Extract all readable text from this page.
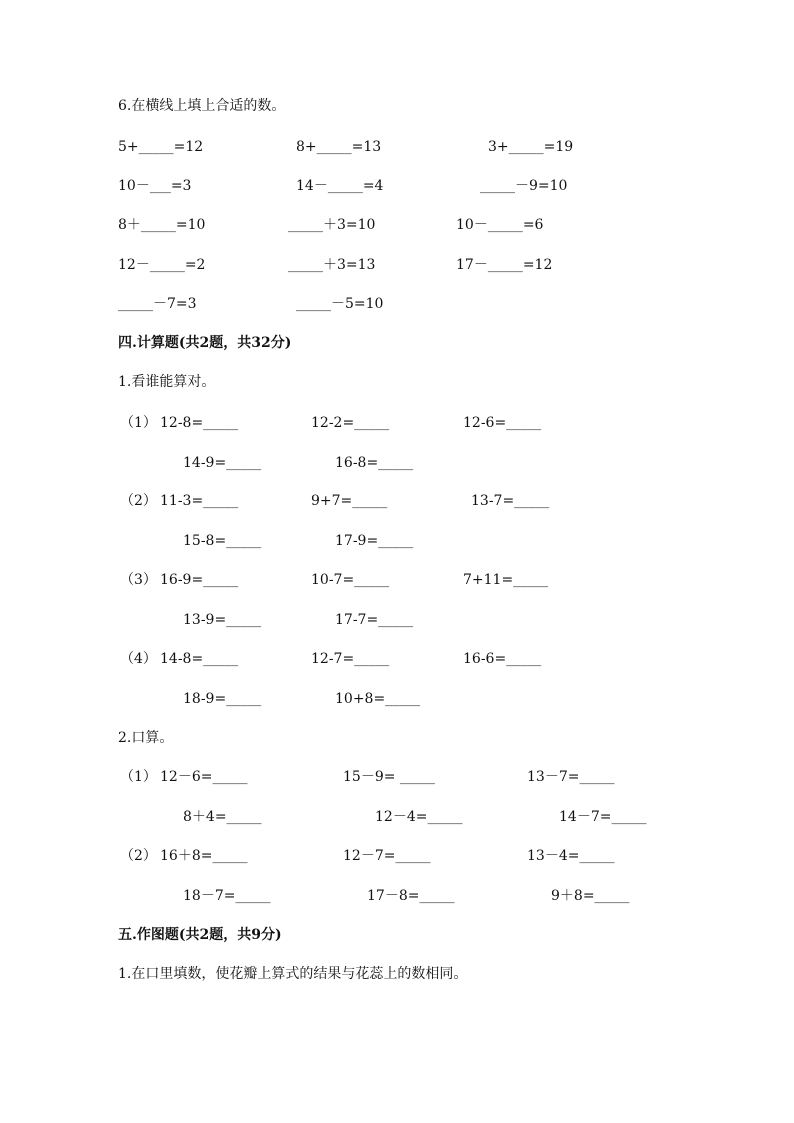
6.在横线上填上合适的数。
5+_____=12	8+_____=13	3+_____=19
10－___=3	14－_____=4	_____－9=10
8＋_____=10	_____＋3=10	10－_____=6
12－_____=2	_____＋3=13	17－_____=12
_____－7=3	_____－5=10
四.计算题(共2题，共32分)
1.看谁能算对。
（1） 12-8=_____	12-2=_____	12-6=_____
14-9=_____	16-8=_____
（2） 11-3=_____	9+7=_____	13-7=_____
15-8=_____	17-9=_____
（3） 16-9=_____	10-7=_____	7+11=_____
13-9=_____	17-7=_____
（4） 14-8=_____	12-7=_____	16-6=_____
18-9=_____	10+8=_____
2.口算。
（1） 12－6=_____	15－9= _____	13－7=_____
8＋4=_____	12－4=_____	14－7=_____
（2） 16＋8=_____	12－7=_____	13－4=_____
18－7=_____	17－8=_____	9＋8=_____
五.作图题(共2题，共9分)
1.在口里填数，使花瓣上算式的结果与花蕊上的数相同。
